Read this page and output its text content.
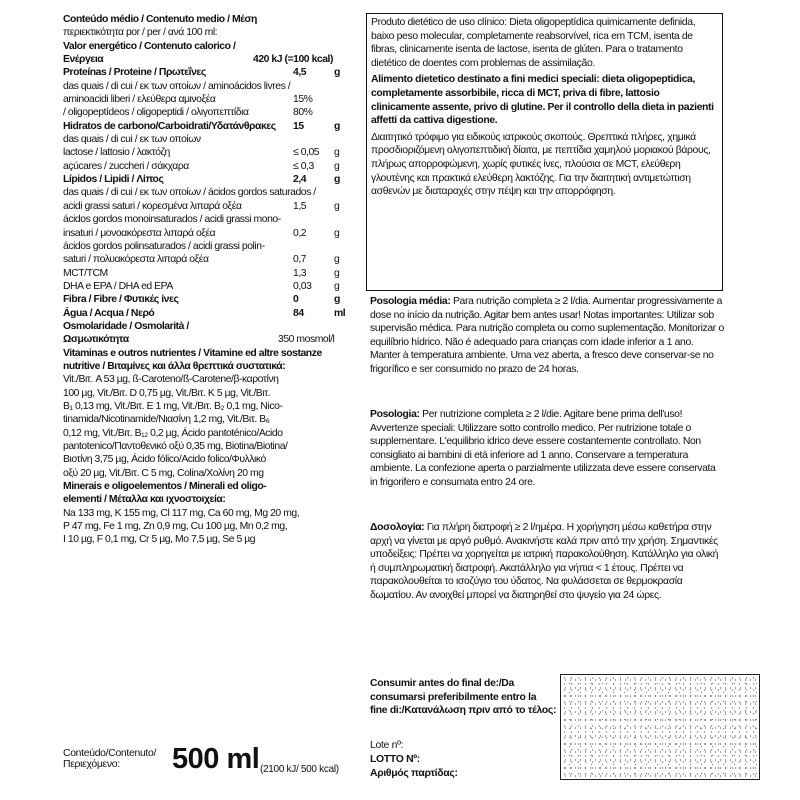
Conteúdo médio / Contenuto medio / Μέση
περιεκτικότητα por / per / ανά 100 ml:
Valor energético / Contenuto calorico /
Ενέργεια	420 kJ (=100 kcal)
Proteínas / Proteine / Πρωτεΐνες	4,5	g
das quais / di cui / εκ των οποίων / aminoácidos livres /
aminoacidi liberi / ελεύθερα αμινοξέα	15%
/ oligopeptídeos / oligopeptidi / ολιγοπεπτίδια	80%
Hidratos de carbono/Carboidrati/Υδατάνθρακες 15	g
das quais / di cui / εκ των οποίων
lactose / lattosio / λακτόζη	≤ 0,05 g
açúcares / zuccheri / σάκχαρα	≤ 0,3 g
Lípidos / Lipidi / Λίπος	2,4	g
das quais / di cui / εκ των οποίων / ácidos gordos saturados /
acidi grassi saturi / κορεσμένα λιπαρά οξέα	1,5	g
ácidos gordos monoinsaturados / acidi grassi mono-
insaturi / μονοακόρεστα λιπαρά οξέα	0,2	g
ácidos gordos polinsaturados / acidi grassi polin-
saturi / πολυακόρεστα λιπαρά οξέα	0,7	g
MCT/TCM	1,3	g
DHA e EPA / DHA ed EPA	0,03 g
Fibra / Fibre / Φυτικές ίνες	0	g
Água / Acqua / Νερό	84	ml
Osmolaridade / Osmolarità /
Ωσμωτικότητα	350 mosmol/l
Vitaminas e outros nutrientes / Vitamine ed altre sostanze
nutritive / Βιταμίνες και άλλα θρεπτικά συστατικά:
Vit./Βιτ. A 53 µg, ß-Caroteno/ß-Carotene/β-καροτίνη
100 µg, Vit./Βιτ. D 0,75 µg, Vit./Βιτ. K 5 µg, Vit./Βιτ.
B₁ 0,13 mg, Vit./Βιτ. E 1 mg, Vit./Βιτ. B₂ 0,1 mg, Nico-
tinamida/Nicotinamide/Νιασίνη 1,2 mg, Vit./Βιτ. B₆
0,12 mg, Vit./Βιτ. B₁₂ 0,2 µg, Ácido pantoténico/Acido
pantotenico/Παντοθενικό οξύ 0,35 mg, Biotina/Biotina/
Βιοτίνη 3,75 µg, Ácido fólico/Acido folico/Φυλλικό
οξύ 20 µg, Vit./Βιτ. C 5 mg, Colina/Χολίνη 20 mg
Minerais e oligoelementos / Minerali ed oligo-
elementi / Μέταλλα και ιχνοστοιχεία:
Na 133 mg, K 155 mg, Cl 117 mg, Ca 60 mg, Mg 20 mg,
P 47 mg, Fe 1 mg, Zn 0,9 mg, Cu 100 µg, Mn 0,2 mg,
I 10 µg, F 0,1 mg, Cr 5 µg, Mo 7,5 µg, Se 5 µg
Conteúdo/Contenuto/
Περιεχόμενο:	500 ml (2100 kJ/ 500 kcal)

Produto dietético de uso clínico: Dieta oligopeptídica quimicamente definida, baixo peso molecular, completamente reabsorvível, rica em TCM, isenta de fibras, clinicamente isenta de lactose, isenta de glúten. Para o tratamento dietético de doentes com problemas de assimilação.

Alimento dietetico destinato a fini medici speciali: dieta oligopeptidica, completamente assorbibile, ricca di MCT, priva di fibre, lattosio clinicamente assente, privo di glutine. Per il controllo della dieta in pazienti affetti da cattiva digestione.

Διαιτητικό τρόφιμο για ειδικούς ιατρικούς σκοπούς. Θρεπτικά πλήρες, χημικά προσδιοριζόμενη ολιγοπεπτιδική δίαιτα, με πεπτίδια χαμηλού μοριακού βάρους, πλήρως απορροφώμενη, χωρίς φυτικές ίνες, πλούσια σε MCT, ελεύθερη γλουτένης και πρακτικά ελεύθερη λακτόζης. Για την διαιτητική αντιμετώπιση ασθενών με διαταραχές στην πέψη και την απορρόφηση.

Posologia média: Para nutrição completa ≥ 2 l/dia. Aumentar progressivamente a dose no início da nutrição. Agitar bem antes usar! Notas importantes: Utilizar sob supervisão médica. Para nutrição completa ou como suplementação. Monitorizar o equilíbrio hídrico. Não é adequado para crianças com idade inferior a 1 ano. Manter à temperatura ambiente. Uma vez aberta, a fresco deve conservar-se no frigorífico e ser consumido no prazo de 24 horas.

Posologia: Per nutrizione completa ≥ 2 l/die. Agitare bene prima dell'uso! Avvertenze speciali: Utilizzare sotto controllo medico. Per nutrizione totale o supplementare. L'equilibrio idrico deve essere costantemente controllato. Non consigliato ai bambini di età inferiore ad 1 anno. Conservare a temperatura ambiente. La confezione aperta o parzialmente utilizzata deve essere conservata in frigorifero e consumata entro 24 ore.

Δοσολογία: Για πλήρη διατροφή ≥ 2 l/ημέρα. Η χορήγηση μέσω καθετήρα στην αρχή να γίνεται με αργό ρυθμό. Ανακινήστε καλά πριν από την χρήση. Σημαντικές υποδείξεις: Πρέπει να χορηγείται με ιατρική παρακολούθηση. Κατάλληλο για ολική ή συμπληρωματική διατροφή. Ακατάλληλο για νήπια < 1 έτους. Πρέπει να παρακολουθείται το ισοζύγιο του ύδατος. Να φυλάσσεται σε θερμοκρασία δωματίου. Αν ανοιχθεί μπορεί να διατηρηθεί στο ψυγείο για 24 ώρες.

Consumir antes do final de:/Da
consumarsi preferibilmente entro la
fine di:/Κατανάλωση πριν από το τέλος:
Lote nº:
LOTTO Nº:
Αριθμός παρτίδας:
